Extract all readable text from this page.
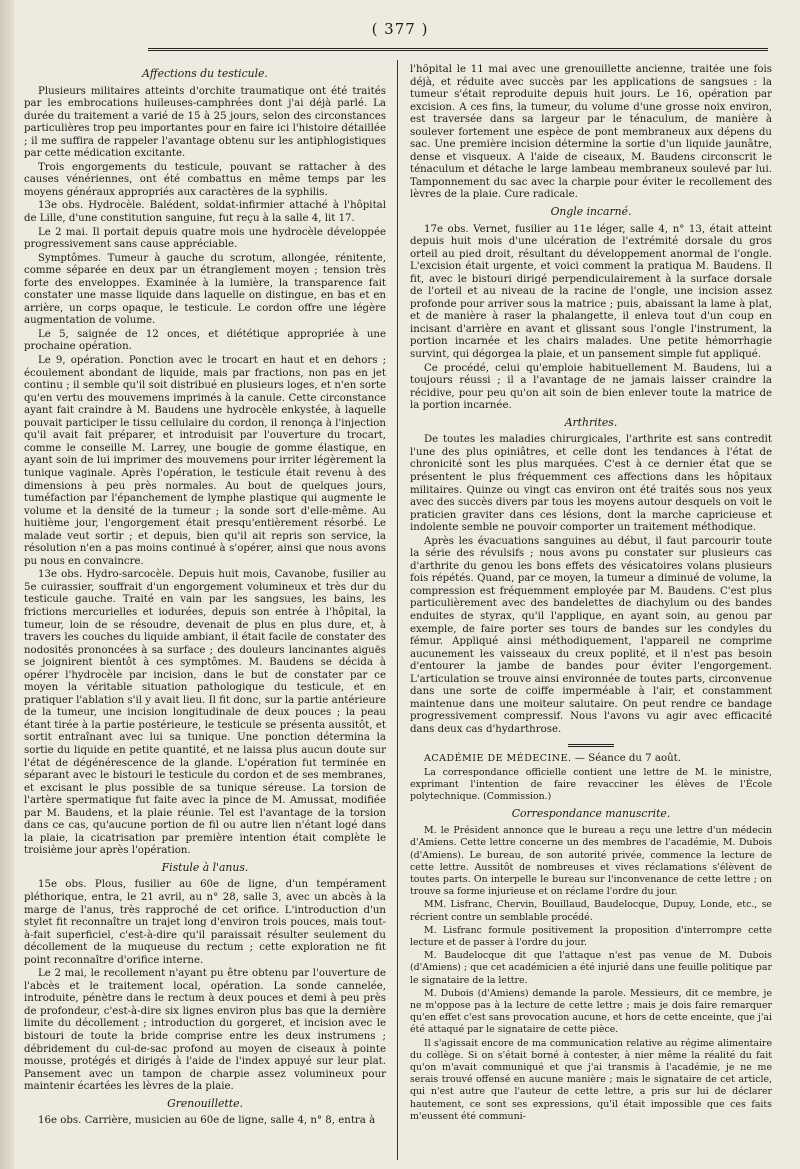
( 377 )
Affections du testicule.

Plusieurs militaires atteints d'orchite traumatique ont été traités par les embrocations huileuses-camphrées dont j'ai déjà parlé. La durée du traitement a varié de 15 à 25 jours, selon des circonstances particulières trop peu importantes pour en faire ici l'histoire détaillée ; il me suffira de rappeler l'avantage obtenu sur les antiphlogistiques par cette médication excitante.

Trois engorgements du testicule, pouvant se rattacher à des causes vénériennes, ont été combattus en même temps par les moyens généraux appropriés aux caractères de la syphilis.

13e obs. Hydrocèle. Balédent, soldat-infirmier attaché à l'hôpital de Lille, d'une constitution sanguine, fut reçu à la salle 4, lit 17.

Le 2 mai. Il portait depuis quatre mois une hydrocèle développée progressivement sans cause appréciable.

Symptômes. Tumeur à gauche du scrotum, allongée, rénitente, comme séparée en deux par un étranglement moyen ; tension très forte des enveloppes. Examinée à la lumière, la transparence fait constater une masse liquide dans laquelle on distingue, en bas et en arrière, un corps opaque, le testicule. Le cordon offre une légère augmentation de volume.

Le 5, saignée de 12 onces, et diététique appropriée à une prochaine opération.

Le 9, opération. Ponction avec le trocart en haut et en dehors ; écoulement abondant de liquide, mais par fractions, non pas en jet continu ; il semble qu'il soit distribué en plusieurs loges, et n'en sorte qu'en vertu des mouvemens imprimés à la canule. Cette circonstance ayant fait craindre à M. Baudens une hydrocèle enkystée, à laquelle pouvait participer le tissu cellulaire du cordon, il renonça à l'injection qu'il avait fait préparer, et introduisit par l'ouverture du trocart, comme le conseille M. Larrey, une bougie de gomme élastique, en ayant soin de lui imprimer des mouvemens pour irriter légèrement la tunique vaginale. Après l'opération, le testicule était revenu à des dimensions à peu près normales. Au bout de quelques jours, tuméfaction par l'épanchement de lymphe plastique qui augmente le volume et la densité de la tumeur ; la sonde sort d'elle-même. Au huitième jour, l'engorgement était presqu'entièrement résorbé. Le malade veut sortir ; et depuis, bien qu'il ait repris son service, la résolution n'en a pas moins continué à s'opérer, ainsi que nous avons pu nous en convaincre.

13e obs. Hydro-sarcocèle. Depuis huit mois, Cavanobe, fusilier au 5e cuirassier, souffrait d'un engorgement volumineux et très dur du testicule gauche. Traité en vain par les sangsues, les bains, les frictions mercurielles et iodurées, depuis son entrée à l'hôpital, la tumeur, loin de se résoudre, devenait de plus en plus dure, et, à travers les couches du liquide ambiant, il était facile de constater des nodosités prononcées à sa surface ; des douleurs lancinantes aiguës se joignirent bientôt à ces symptômes. M. Baudens se décida à opérer l'hydrocèle par incision, dans le but de constater par ce moyen la véritable situation pathologique du testicule, et en pratiquer l'ablation s'il y avait lieu. Il fit donc, sur la partie antérieure de la tumeur, une incision longitudinale de deux pouces ; la peau étant tirée à la partie postérieure, le testicule se présenta aussitôt, et sortit entraînant avec lui sa tunique. Une ponction détermina la sortie du liquide en petite quantité, et ne laissa plus aucun doute sur l'état de dégénérescence de la glande. L'opération fut terminée en séparant avec le bistouri le testicule du cordon et de ses membranes, et excisant le plus possible de sa tunique séreuse. La torsion de l'artère spermatique fut faite avec la pince de M. Amussat, modifiée par M. Baudens, et la plaie réunie. Tel est l'avantage de la torsion dans ce cas, qu'aucune portion de fil ou autre lien n'étant logé dans la plaie, la cicatrisation par première intention était complète le troisième jour après l'opération.

Fistule à l'anus.

15e obs. Plous, fusilier au 60e de ligne, d'un tempérament pléthorique, entra, le 21 avril, au n° 28, salle 3, avec un abcès à la marge de l'anus, très rapproché de cet orifice. L'introduction d'un stylet fit reconnaître un trajet long d'environ trois pouces, mais tout-à-fait superficiel, c'est-à-dire qu'il paraissait résulter seulement du décollement de la muqueuse du rectum ; cette exploration ne fit point reconnaître d'orifice interne.

Le 2 mai, le recollement n'ayant pu être obtenu par l'ouverture de l'abcès et le traitement local, opération. La sonde cannelée, introduite, pénètre dans le rectum à deux pouces et demi à peu près de profondeur, c'est-à-dire six lignes environ plus bas que la dernière limite du décollement ; introduction du gorgeret, et incision avec le bistouri de toute la bride comprise entre les deux instrumens ; débridement du cul-de-sac profond au moyen de ciseaux à pointe mousse, protégés et dirigés à l'aide de l'index appuyé sur leur plat. Pansement avec un tampon de charpie assez volumineux pour maintenir écartées les lèvres de la plaie.

Grenouillette.

16e obs. Carrière, musicien au 60e de ligne, salle 4, n° 8, entra à

l'hôpital le 11 mai avec une grenouillette ancienne, traitée une fois déjà, et réduite avec succès par les applications de sangsues : la tumeur s'était reproduite depuis huit jours. Le 16, opération par excision. A ces fins, la tumeur, du volume d'une grosse noix environ, est traversée dans sa largeur par le ténaculum, de manière à soulever fortement une espèce de pont membraneux aux dépens du sac. Une première incision détermine la sortie d'un liquide jaunâtre, dense et visqueux. A l'aide de ciseaux, M. Baudens circonscrit le ténaculum et détache le large lambeau membraneux soulevé par lui. Tamponnement du sac avec la charpie pour éviter le recollement des lèvres de la plaie. Cure radicale.

Ongle incarné.

17e obs. Vernet, fusilier au 11e léger, salle 4, n° 13, était atteint depuis huit mois d'une ulcération de l'extrémité dorsale du gros orteil au pied droit, résultant du développement anormal de l'ongle. L'excision était urgente, et voici comment la pratiqua M. Baudens. Il fit, avec le bistouri dirigé perpendiculairement à la surface dorsale de l'orteil et au niveau de la racine de l'ongle, une incision assez profonde pour arriver sous la matrice ; puis, abaissant la lame à plat, et de manière à raser la phalangette, il enleva tout d'un coup en incisant d'arrière en avant et glissant sous l'ongle l'instrument, la portion incarnée et les chairs malades. Une petite hémorrhagie survint, qui dégorgea la plaie, et un pansement simple fut appliqué.

Ce procédé, celui qu'emploie habituellement M. Baudens, lui a toujours réussi ; il a l'avantage de ne jamais laisser craindre la récidive, pour peu qu'on ait soin de bien enlever toute la matrice de la portion incarnée.

Arthrites.

De toutes les maladies chirurgicales, l'arthrite est sans contredit l'une des plus opiniâtres, et celle dont les tendances à l'état de chronicité sont les plus marquées. C'est à ce dernier état que se présentent le plus fréquemment ces affections dans les hôpitaux militaires. Quinze ou vingt cas environ ont été traités sous nos yeux avec des succès divers par tous les moyens autour desquels on voit le praticien graviter dans ces lésions, dont la marche capricieuse et indolente semble ne pouvoir comporter un traitement méthodique.

Après les évacuations sanguines au début, il faut parcourir toute la série des révulsifs ; nous avons pu constater sur plusieurs cas d'arthrite du genou les bons effets des vésicatoires volans plusieurs fois répétés. Quand, par ce moyen, la tumeur a diminué de volume, la compression est fréquemment employée par M. Baudens. C'est plus particulièrement avec des bandelettes de diachylum ou des bandes enduites de styrax, qu'il l'applique, en ayant soin, au genou par exemple, de faire porter ses tours de bandes sur les condyles du fémur. Appliqué ainsi méthodiquement, l'appareil ne comprime aucunement les vaisseaux du creux poplité, et il n'est pas besoin d'entourer la jambe de bandes pour éviter l'engorgement. L'articulation se trouve ainsi environnée de toutes parts, circonvenue dans une sorte de coiffe imperméable à l'air, et constamment maintenue dans une moiteur salutaire. On peut rendre ce bandage progressivement compressif. Nous l'avons vu agir avec efficacité dans deux cas d'hydarthrose.

ACADÉMIE DE MÉDECINE. — Séance du 7 août.

La correspondance officielle contient une lettre de M. le ministre, exprimant l'intention de faire revacciner les élèves de l'École polytechnique. (Commission.)

Correspondance manuscrite.

M. le Président annonce que le bureau a reçu une lettre d'un médecin d'Amiens. Cette lettre concerne un des membres de l'académie, M. Dubois (d'Amiens). Le bureau, de son autorité privée, commence la lecture de cette lettre. Aussitôt de nombreuses et vives réclamations s'élèvent de toutes parts. On interpelle le bureau sur l'inconvenance de cette lettre ; on trouve sa forme injurieuse et on réclame l'ordre du jour.

MM. Lisfranc, Chervin, Bouillaud, Baudelocque, Dupuy, Londe, etc., se récrient contre un semblable procédé.

M. Lisfranc formule positivement la proposition d'interrompre cette lecture et de passer à l'ordre du jour.

M. Baudelocque dit que l'attaque n'est pas venue de M. Dubois (d'Amiens) ; que cet académicien a été injurié dans une feuille politique par le signataire de la lettre.

M. Dubois (d'Amiens) demande la parole. Messieurs, dit ce membre, je ne m'oppose pas à la lecture de cette lettre ; mais je dois faire remarquer qu'en effet c'est sans provocation aucune, et hors de cette enceinte, que j'ai été attaqué par le signataire de cette pièce.

Il s'agissait encore de ma communication relative au régime alimentaire du collège. Si on s'était borné à contester, à nier même la réalité du fait qu'on m'avait communiqué et que j'ai transmis à l'académie, je ne me serais trouvé offensé en aucune manière ; mais le signataire de cet article, qui n'est autre que l'auteur de cette lettre, a pris sur lui de déclarer hautement, ce sont ses expressions, qu'il était impossible que ces faits m'eussent été communi-
